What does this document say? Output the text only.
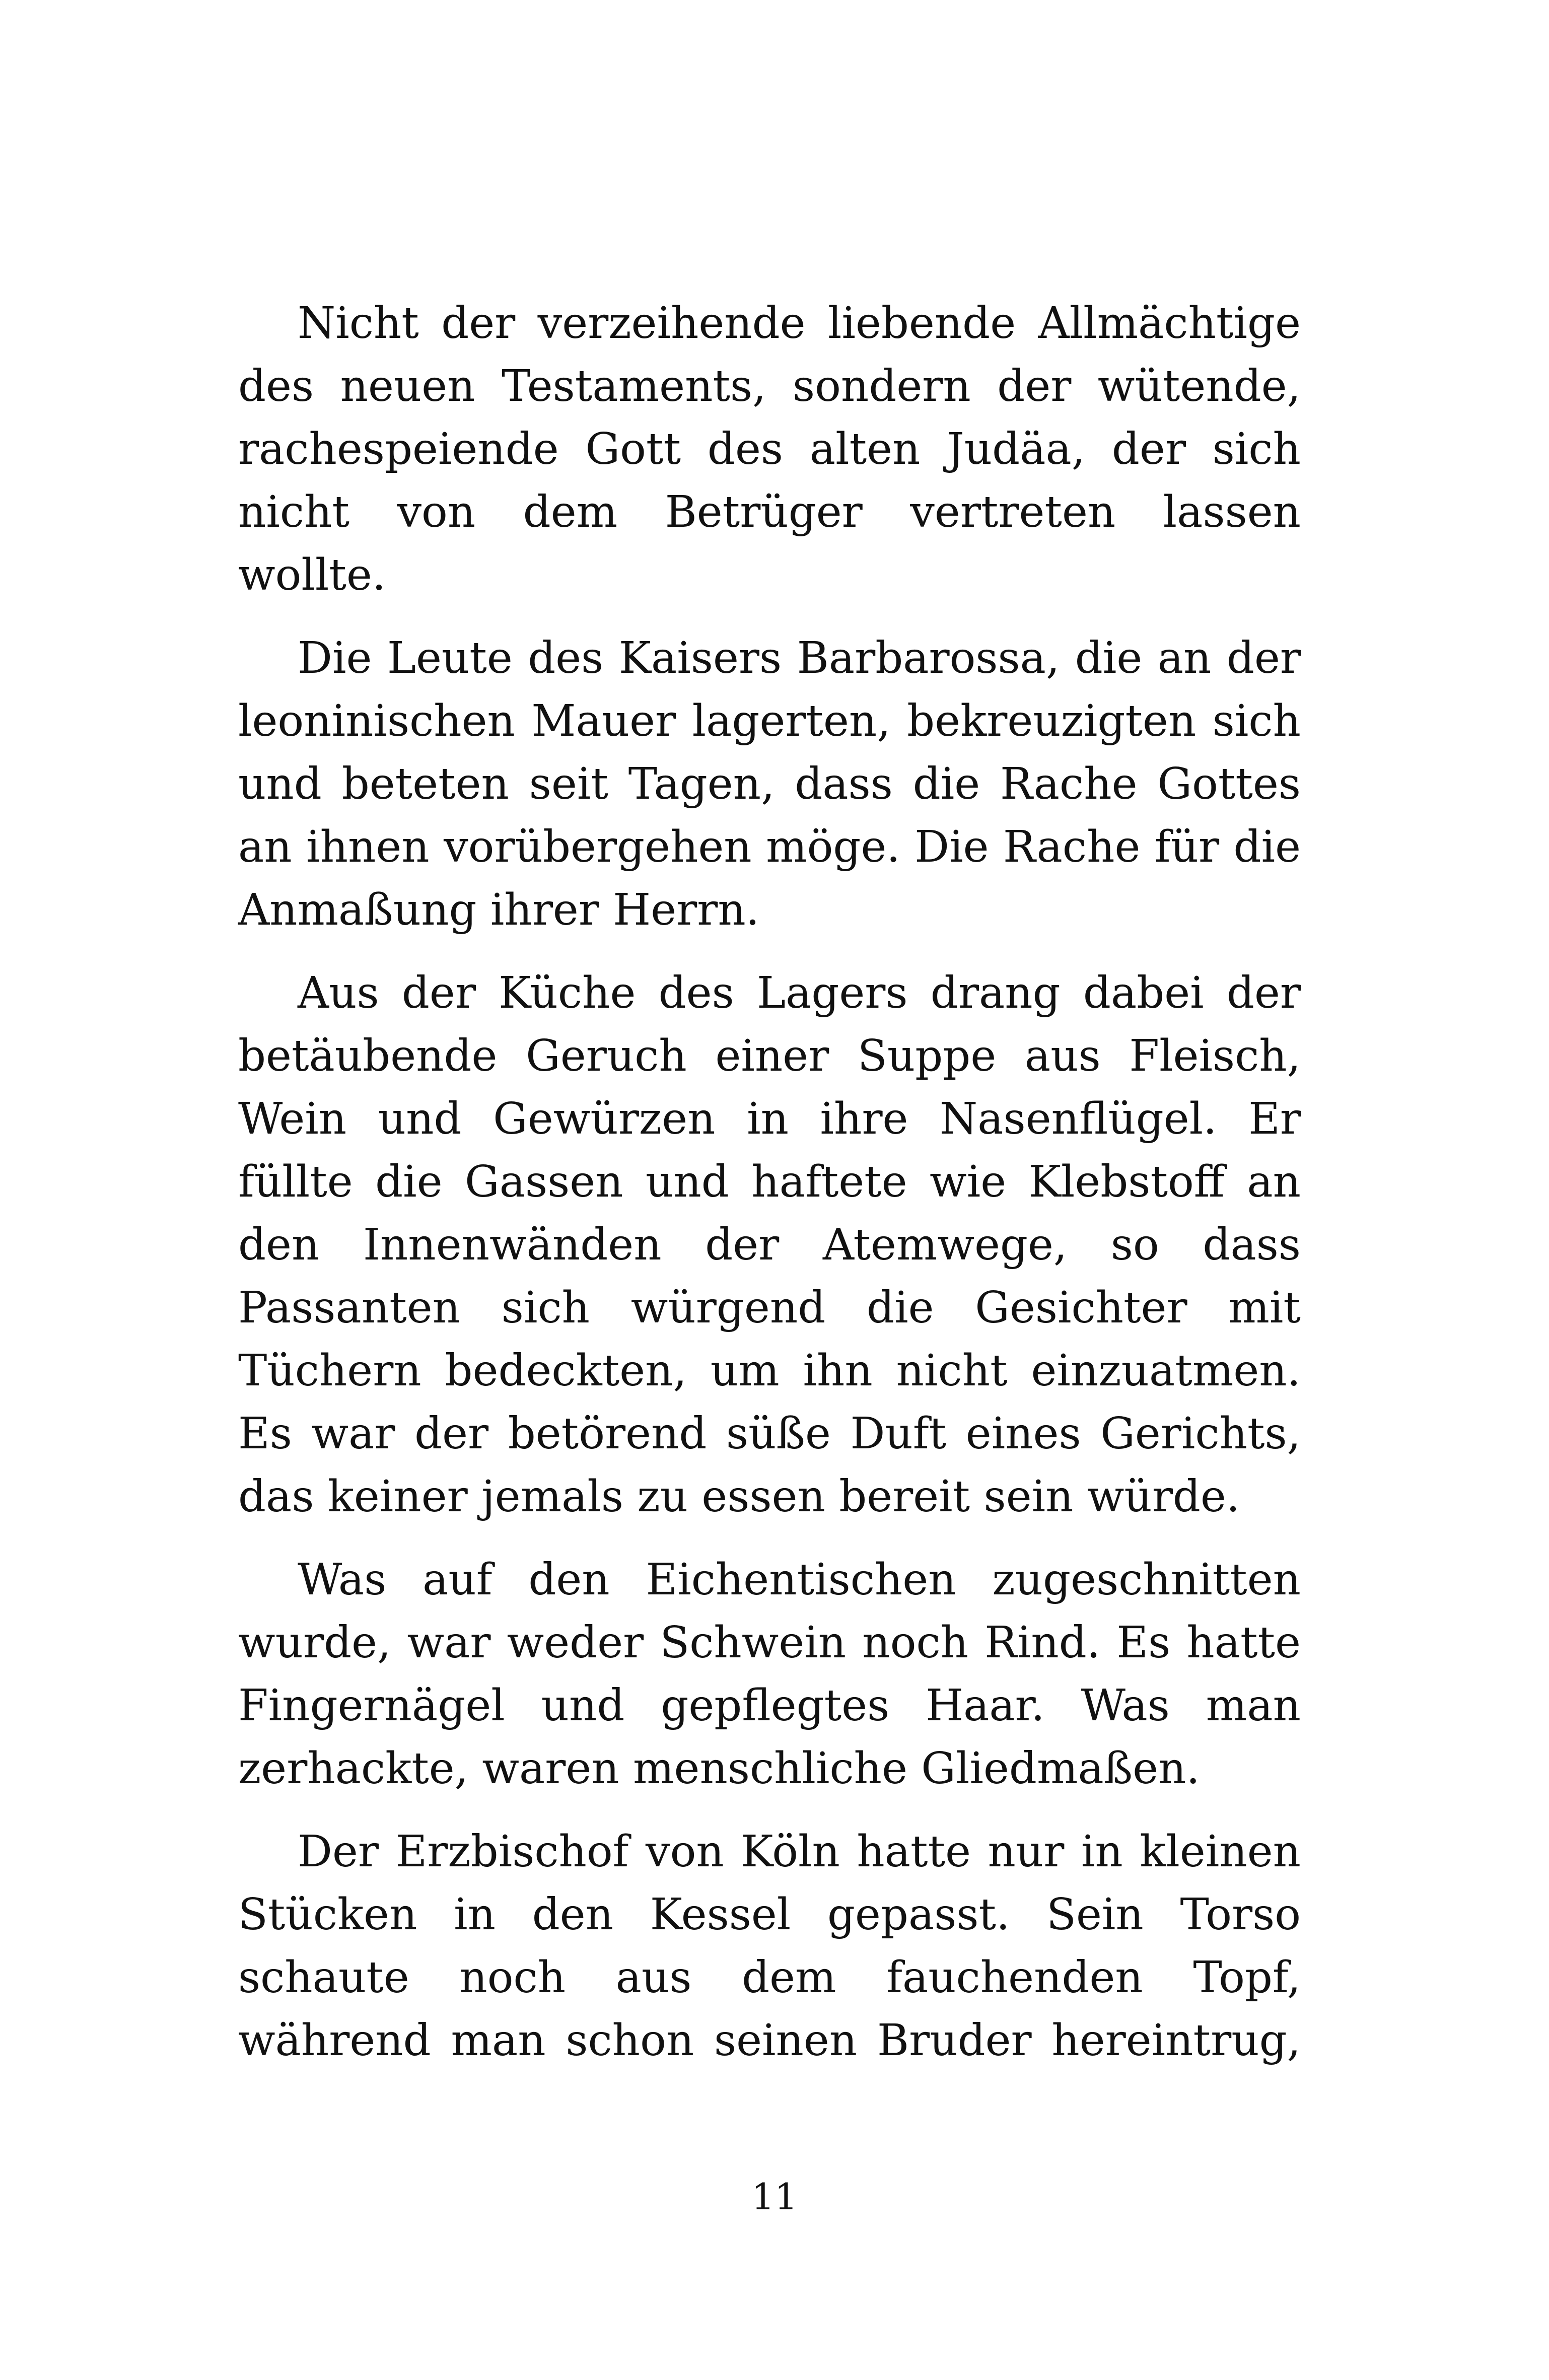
Nicht der verzeihende liebende Allmächtige
des neuen Testaments, sondern der wütende,
rachespeiende Gott des alten Judäa, der sich
nicht von dem Betrüger vertreten lassen
wollte.
Die Leute des Kaisers Barbarossa, die an der
leoninischen Mauer lagerten, bekreuzigten sich
und beteten seit Tagen, dass die Rache Gottes
an ihnen vorübergehen möge. Die Rache für die
Anmaßung ihrer Herrn.
Aus der Küche des Lagers drang dabei der
betäubende Geruch einer Suppe aus Fleisch,
Wein und Gewürzen in ihre Nasenflügel. Er
füllte die Gassen und haftete wie Klebstoff an
den Innenwänden der Atemwege, so dass
Passanten sich würgend die Gesichter mit
Tüchern bedeckten, um ihn nicht einzuatmen.
Es war der betörend süße Duft eines Gerichts,
das keiner jemals zu essen bereit sein würde.
Was auf den Eichentischen zugeschnitten
wurde, war weder Schwein noch Rind. Es hatte
Fingernägel und gepflegtes Haar. Was man
zerhackte, waren menschliche Gliedmaßen.
Der Erzbischof von Köln hatte nur in kleinen
Stücken in den Kessel gepasst. Sein Torso
schaute noch aus dem fauchenden Topf,
während man schon seinen Bruder hereintrug,
11
